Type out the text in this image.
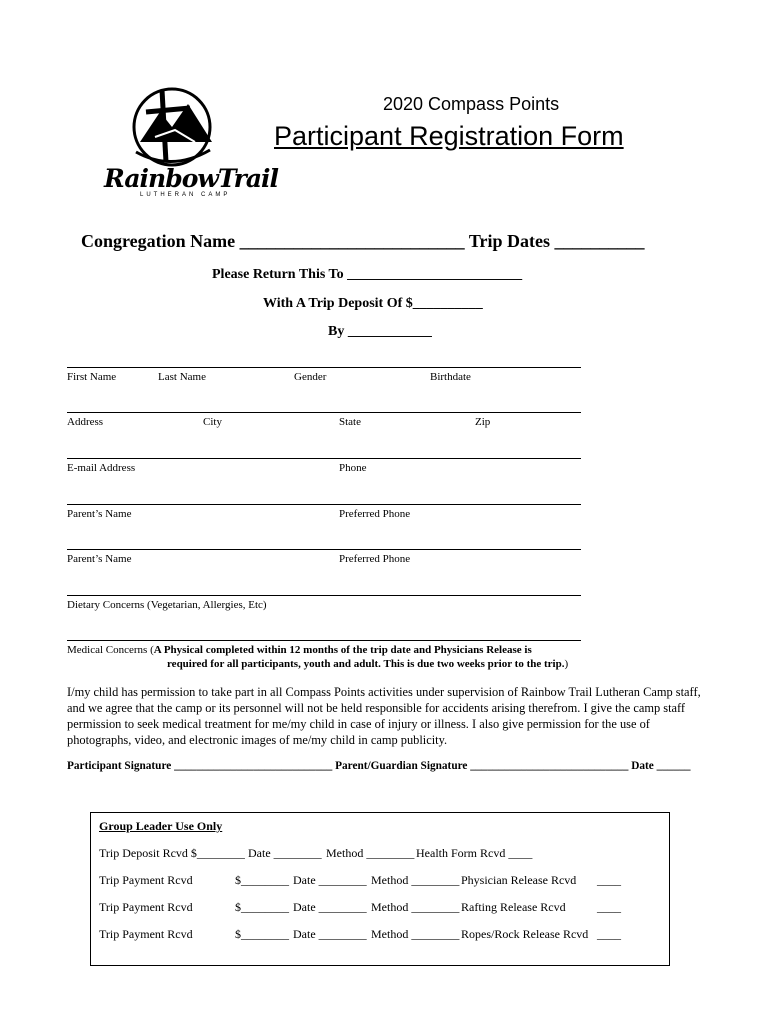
RainbowTrail
LUTHERAN CAMP
2020 Compass Points
Participant Registration Form
Congregation Name _________________________ Trip Dates __________
Please Return This To _________________________
With A Trip Deposit Of $__________
By ____________
First Name	Last Name	Gender	Birthdate
Address	City	State	Zip
E-mail Address	Phone
Parent’s Name	Preferred Phone
Parent’s Name	Preferred Phone
Dietary Concerns (Vegetarian, Allergies, Etc)
Medical Concerns (A Physical completed within 12 months of the trip date and Physicians Release is
required for all participants, youth and adult. This is due two weeks prior to the trip.)
I/my child has permission to take part in all Compass Points activities under supervision of Rainbow Trail Lutheran Camp staff, and we agree that the camp or its personnel will not be held responsible for accidents arising therefrom. I give the camp staff permission to seek medical treatment for me/my child in case of injury or illness. I also give permission for the use of photographs, video, and electronic images of me/my child in camp publicity.
Participant Signature ____________________________ Parent/Guardian Signature ____________________________ Date ______
Group Leader Use Only
Trip Deposit Rcvd $________ Date ________ Method ________ Health Form Rcvd ____
Trip Payment Rcvd	$________ Date ________ Method ________ Physician Release Rcvd ____
Trip Payment Rcvd	$________ Date ________ Method ________ Rafting Release Rcvd	____
Trip Payment Rcvd	$________ Date ________ Method ________ Ropes/Rock Release Rcvd ____
